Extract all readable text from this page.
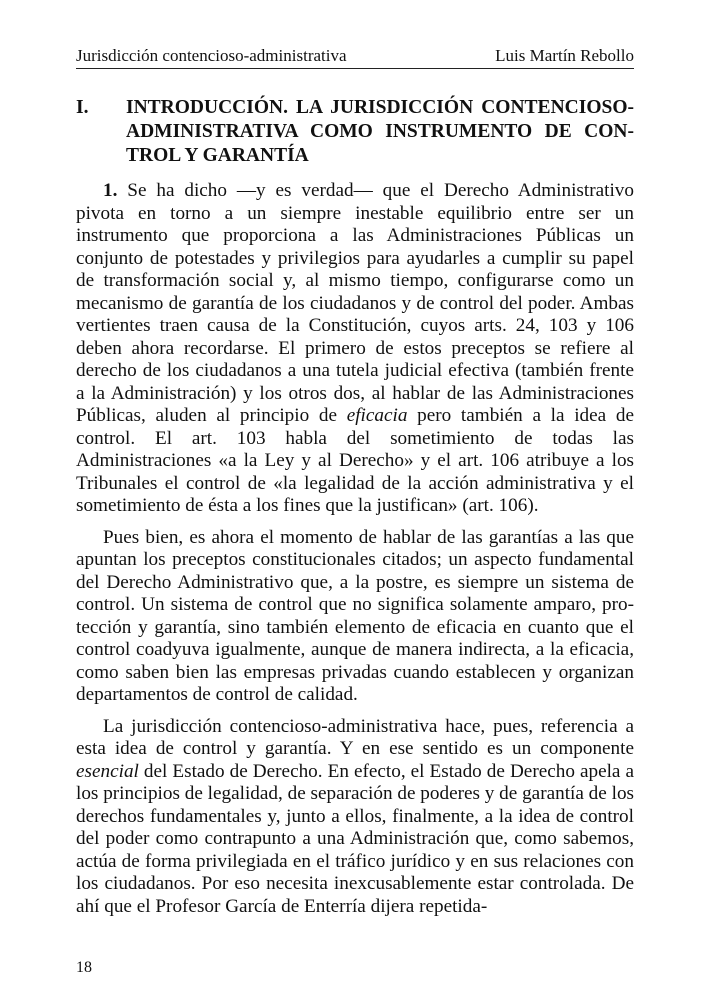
Jurisdicción contencioso-administrativa	Luis Martín Rebollo
I. INTRODUCCIÓN. LA JURISDICCIÓN CONTENCIOSO-ADMINISTRATIVA COMO INSTRUMENTO DE CONTROL Y GARANTÍA

1. Se ha dicho —y es verdad— que el Derecho Administrativo pivota en torno a un siempre inestable equilibrio entre ser un instrumento que proporciona a las Administraciones Públicas un conjunto de potestades y privilegios para ayudarles a cumplir su papel de transformación social y, al mismo tiempo, configurarse como un mecanismo de garantía de los ciudadanos y de control del poder. Ambas vertientes traen causa de la Constitución, cuyos arts. 24, 103 y 106 deben ahora recordarse. El primero de estos preceptos se refiere al derecho de los ciudadanos a una tutela judicial efectiva (también frente a la Administración) y los otros dos, al hablar de las Administraciones Públicas, aluden al principio de eficacia pero también a la idea de control. El art. 103 habla del sometimiento de todas las Administraciones «a la Ley y al Derecho» y el art. 106 atribuye a los Tribunales el control de «la legalidad de la acción administrativa y el sometimiento de ésta a los fines que la justifican» (art. 106).

Pues bien, es ahora el momento de hablar de las garantías a las que apuntan los preceptos constitucionales citados; un aspecto fundamental del Derecho Administrativo que, a la postre, es siempre un sistema de control. Un sistema de control que no significa solamente amparo, protección y garantía, sino también elemento de eficacia en cuanto que el control coadyuva igualmente, aunque de manera indirecta, a la eficacia, como saben bien las empresas privadas cuando establecen y organizan departamentos de control de calidad.

La jurisdicción contencioso-administrativa hace, pues, referencia a esta idea de control y garantía. Y en ese sentido es un componente esencial del Estado de Derecho. En efecto, el Estado de Derecho apela a los principios de legalidad, de separación de poderes y de garantía de los derechos fundamentales y, junto a ellos, finalmente, a la idea de control del poder como contrapunto a una Administración que, como sabemos, actúa de forma privilegiada en el tráfico jurídico y en sus relaciones con los ciudadanos. Por eso necesita inexcusablemente estar controlada. De ahí que el Profesor García de Enterría dijera repetida-

18
